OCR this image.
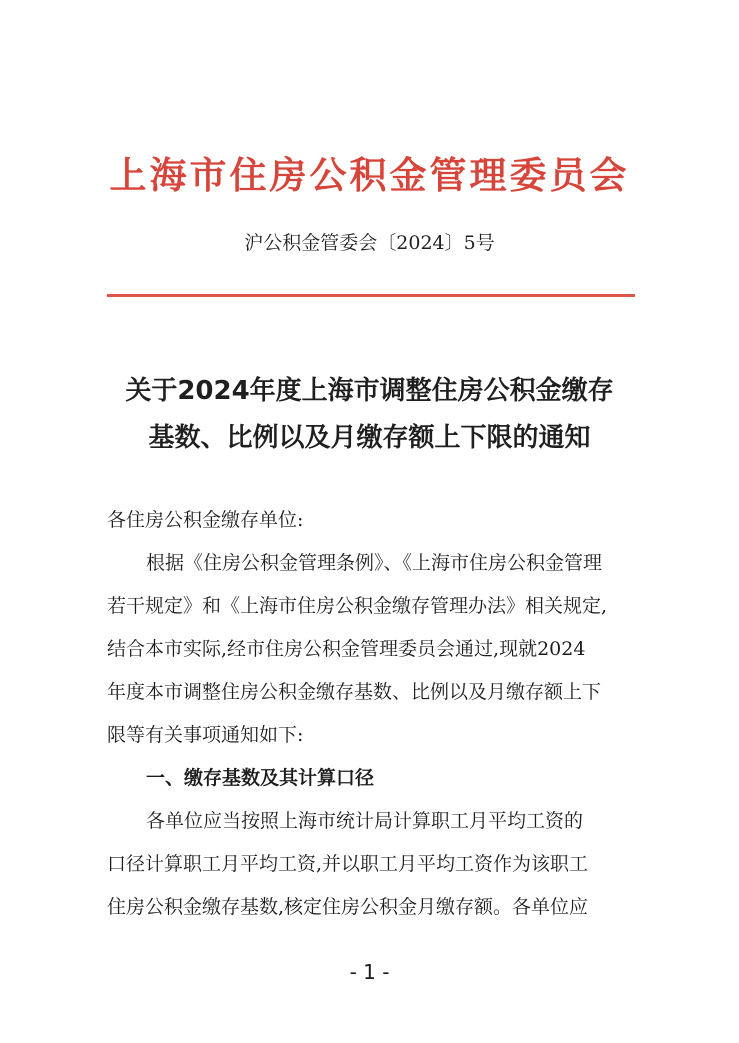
上海市住房公积金管理委员会
沪公积金管委会〔2024〕5号
关于2024年度上海市调整住房公积金缴存
基数、比例以及月缴存额上下限的通知
各住房公积金缴存单位:
根据《住房公积金管理条例》、《上海市住房公积金管理
若干规定》和《上海市住房公积金缴存管理办法》相关规定,
结合本市实际,经市住房公积金管理委员会通过,现就2024
年度本市调整住房公积金缴存基数、比例以及月缴存额上下
限等有关事项通知如下:
一、缴存基数及其计算口径
各单位应当按照上海市统计局计算职工月平均工资的
口径计算职工月平均工资,并以职工月平均工资作为该职工
住房公积金缴存基数,核定住房公积金月缴存额。各单位应
- 1 -
